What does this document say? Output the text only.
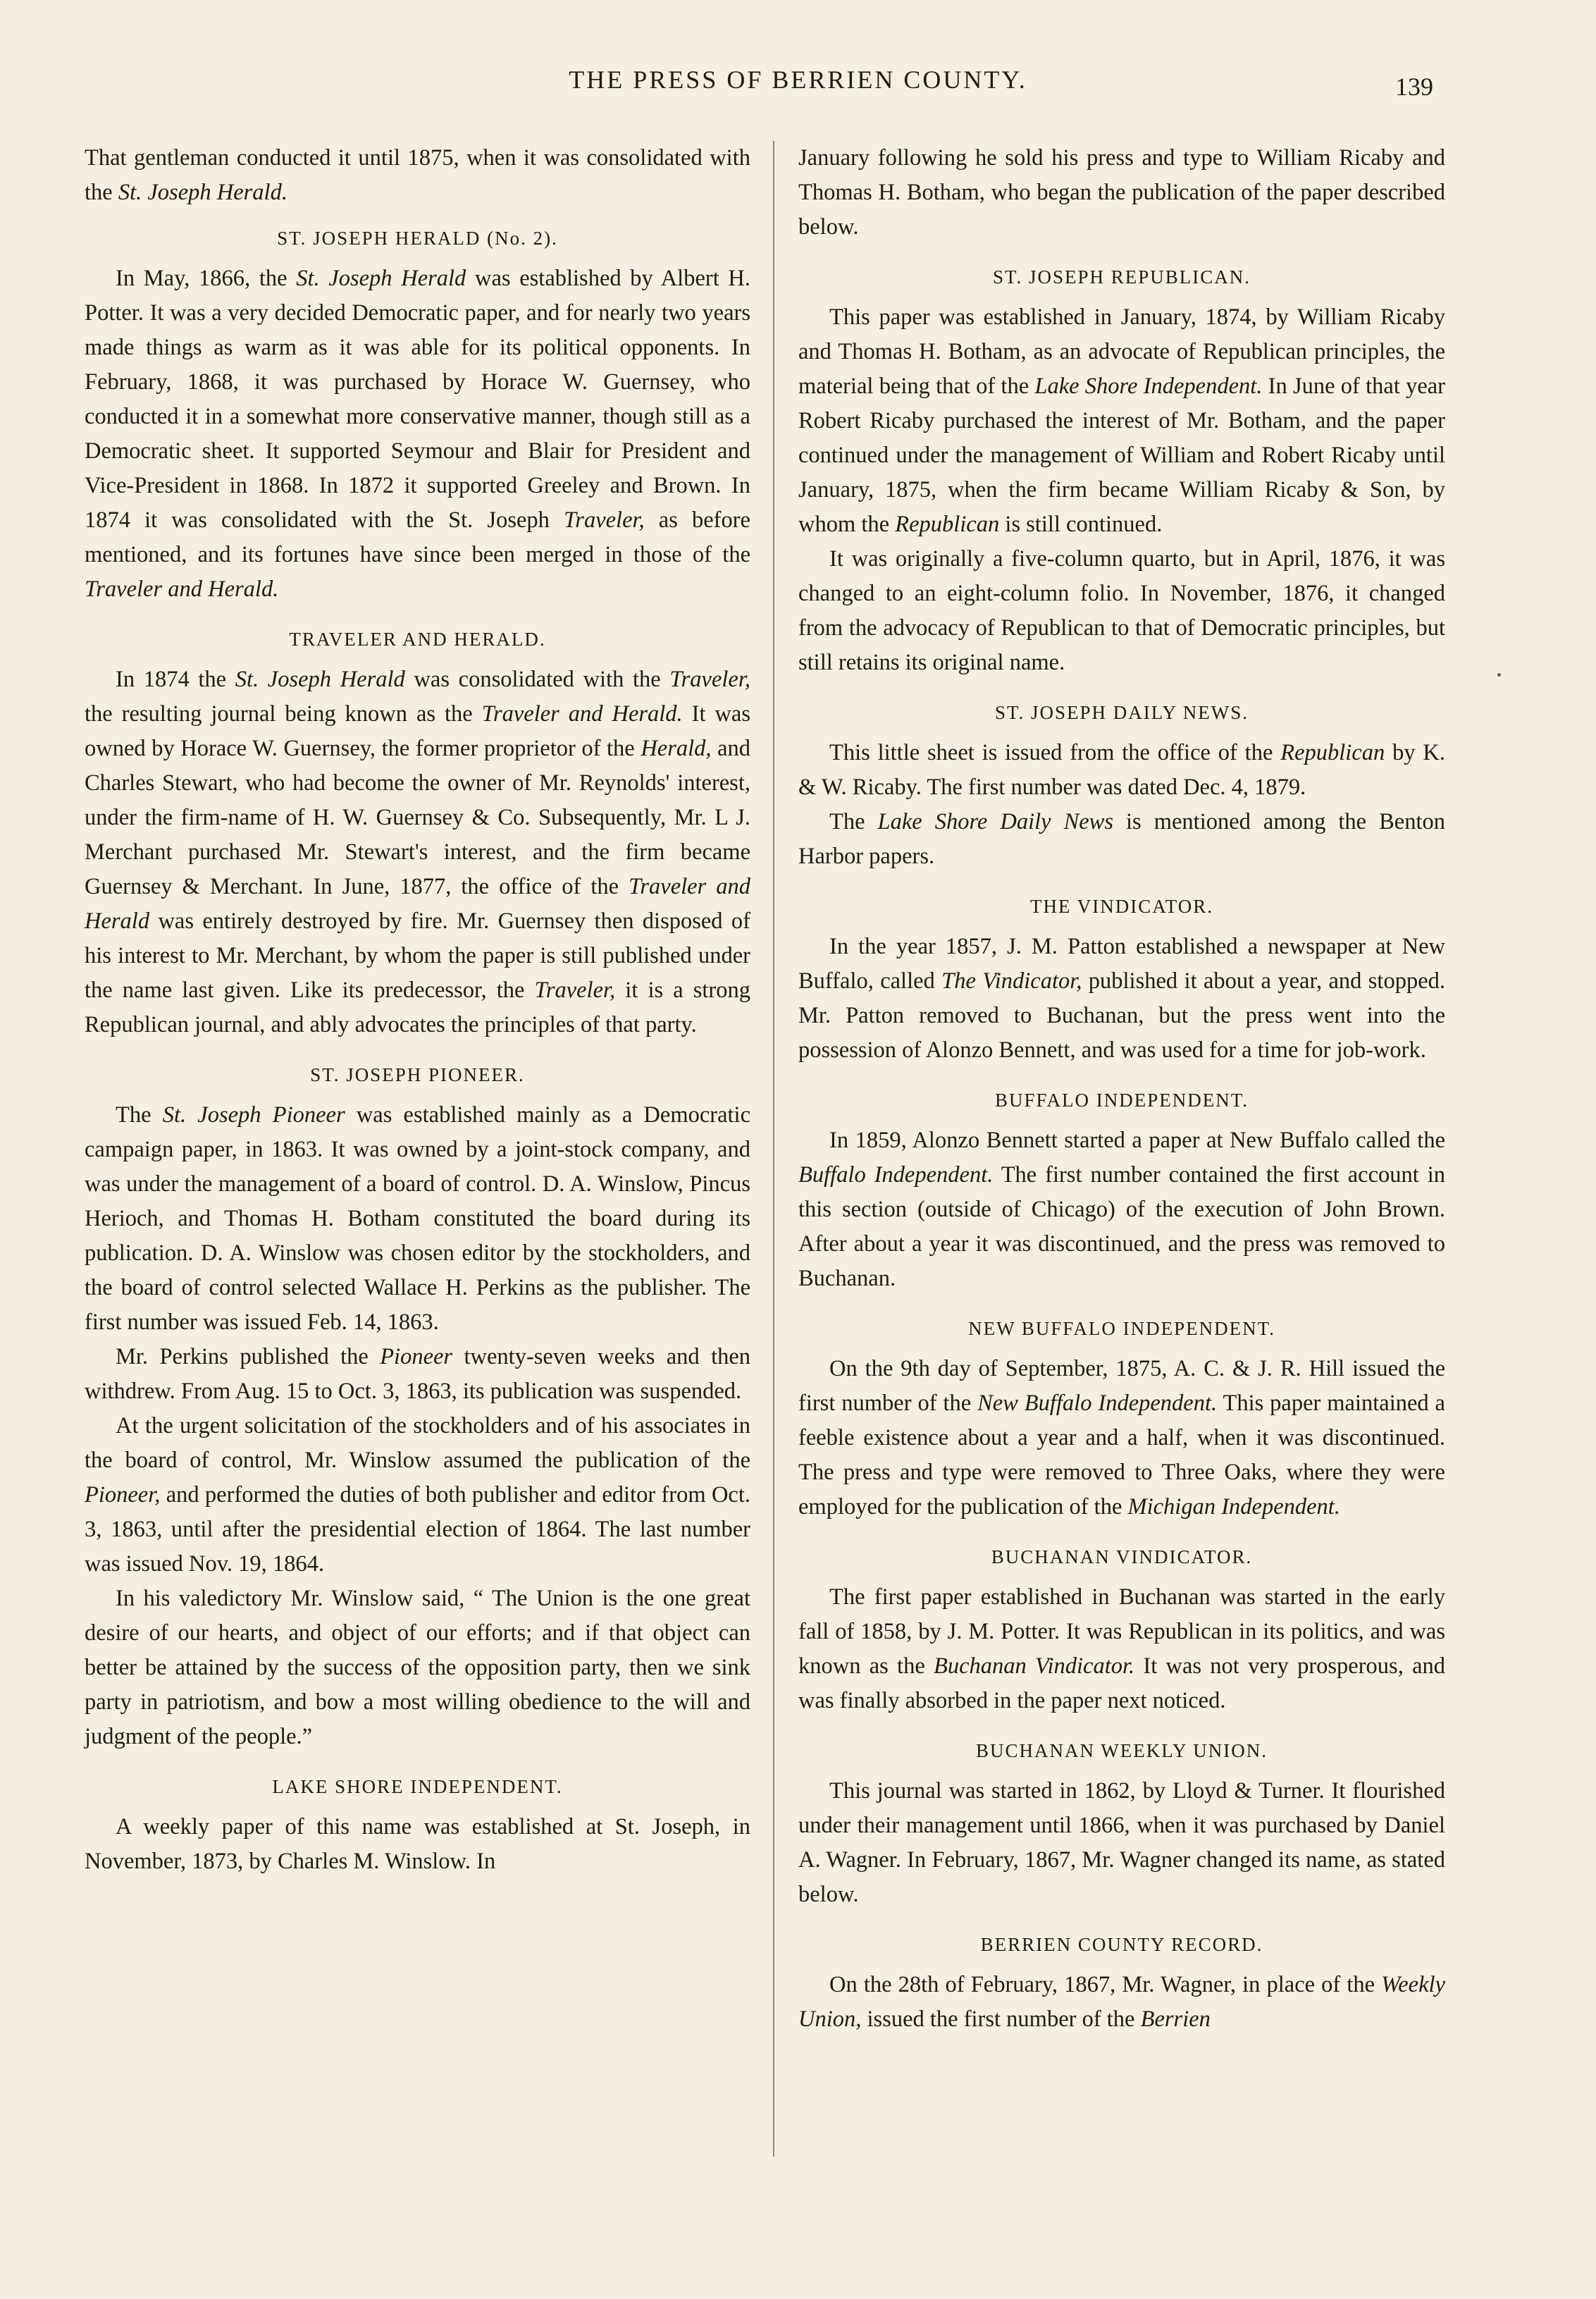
THE PRESS OF BERRIEN COUNTY.	139

That gentleman conducted it until 1875, when it was consolidated with the St. Joseph Herald.

ST. JOSEPH HERALD (No. 2).

In May, 1866, the St. Joseph Herald was established by Albert H. Potter. It was a very decided Democratic paper, and for nearly two years made things as warm as it was able for its political opponents. In February, 1868, it was purchased by Horace W. Guernsey, who conducted it in a somewhat more conservative manner, though still as a Democratic sheet. It supported Seymour and Blair for President and Vice-President in 1868. In 1872 it supported Greeley and Brown. In 1874 it was consolidated with the St. Joseph Traveler, as before mentioned, and its fortunes have since been merged in those of the Traveler and Herald.

TRAVELER AND HERALD.

In 1874 the St. Joseph Herald was consolidated with the Traveler, the resulting journal being known as the Traveler and Herald. It was owned by Horace W. Guernsey, the former proprietor of the Herald, and Charles Stewart, who had become the owner of Mr. Reynolds' interest, under the firm-name of H. W. Guernsey & Co. Subsequently, Mr. L J. Merchant purchased Mr. Stewart's interest, and the firm became Guernsey & Merchant. In June, 1877, the office of the Traveler and Herald was entirely destroyed by fire. Mr. Guernsey then disposed of his interest to Mr. Merchant, by whom the paper is still published under the name last given. Like its predecessor, the Traveler, it is a strong Republican journal, and ably advocates the principles of that party.

ST. JOSEPH PIONEER.

The St. Joseph Pioneer was established mainly as a Democratic campaign paper, in 1863. It was owned by a joint-stock company, and was under the management of a board of control. D. A. Winslow, Pincus Herioch, and Thomas H. Botham constituted the board during its publication. D. A. Winslow was chosen editor by the stockholders, and the board of control selected Wallace H. Perkins as the publisher. The first number was issued Feb. 14, 1863.

Mr. Perkins published the Pioneer twenty-seven weeks and then withdrew. From Aug. 15 to Oct. 3, 1863, its publication was suspended.

At the urgent solicitation of the stockholders and of his associates in the board of control, Mr. Winslow assumed the publication of the Pioneer, and performed the duties of both publisher and editor from Oct. 3, 1863, until after the presidential election of 1864. The last number was issued Nov. 19, 1864.

In his valedictory Mr. Winslow said, “ The Union is the one great desire of our hearts, and object of our efforts; and if that object can better be attained by the success of the opposition party, then we sink party in patriotism, and bow a most willing obedience to the will and judgment of the people.”

LAKE SHORE INDEPENDENT.

A weekly paper of this name was established at St. Joseph, in November, 1873, by Charles M. Winslow. In

January following he sold his press and type to William Ricaby and Thomas H. Botham, who began the publication of the paper described below.

ST. JOSEPH REPUBLICAN.

This paper was established in January, 1874, by William Ricaby and Thomas H. Botham, as an advocate of Republican principles, the material being that of the Lake Shore Independent. In June of that year Robert Ricaby purchased the interest of Mr. Botham, and the paper continued under the management of William and Robert Ricaby until January, 1875, when the firm became William Ricaby & Son, by whom the Republican is still continued.

It was originally a five-column quarto, but in April, 1876, it was changed to an eight-column folio. In November, 1876, it changed from the advocacy of Republican to that of Democratic principles, but still retains its original name.

ST. JOSEPH DAILY NEWS.

This little sheet is issued from the office of the Republican by K. & W. Ricaby. The first number was dated Dec. 4, 1879.

The Lake Shore Daily News is mentioned among the Benton Harbor papers.

THE VINDICATOR.

In the year 1857, J. M. Patton established a newspaper at New Buffalo, called The Vindicator, published it about a year, and stopped. Mr. Patton removed to Buchanan, but the press went into the possession of Alonzo Bennett, and was used for a time for job-work.

BUFFALO INDEPENDENT.

In 1859, Alonzo Bennett started a paper at New Buffalo called the Buffalo Independent. The first number contained the first account in this section (outside of Chicago) of the execution of John Brown. After about a year it was discontinued, and the press was removed to Buchanan.

NEW BUFFALO INDEPENDENT.

On the 9th day of September, 1875, A. C. & J. R. Hill issued the first number of the New Buffalo Independent. This paper maintained a feeble existence about a year and a half, when it was discontinued. The press and type were removed to Three Oaks, where they were employed for the publication of the Michigan Independent.

BUCHANAN VINDICATOR.

The first paper established in Buchanan was started in the early fall of 1858, by J. M. Potter. It was Republican in its politics, and was known as the Buchanan Vindicator. It was not very prosperous, and was finally absorbed in the paper next noticed.

BUCHANAN WEEKLY UNION.

This journal was started in 1862, by Lloyd & Turner. It flourished under their management until 1866, when it was purchased by Daniel A. Wagner. In February, 1867, Mr. Wagner changed its name, as stated below.

BERRIEN COUNTY RECORD.

On the 28th of February, 1867, Mr. Wagner, in place of the Weekly Union, issued the first number of the Berrien
